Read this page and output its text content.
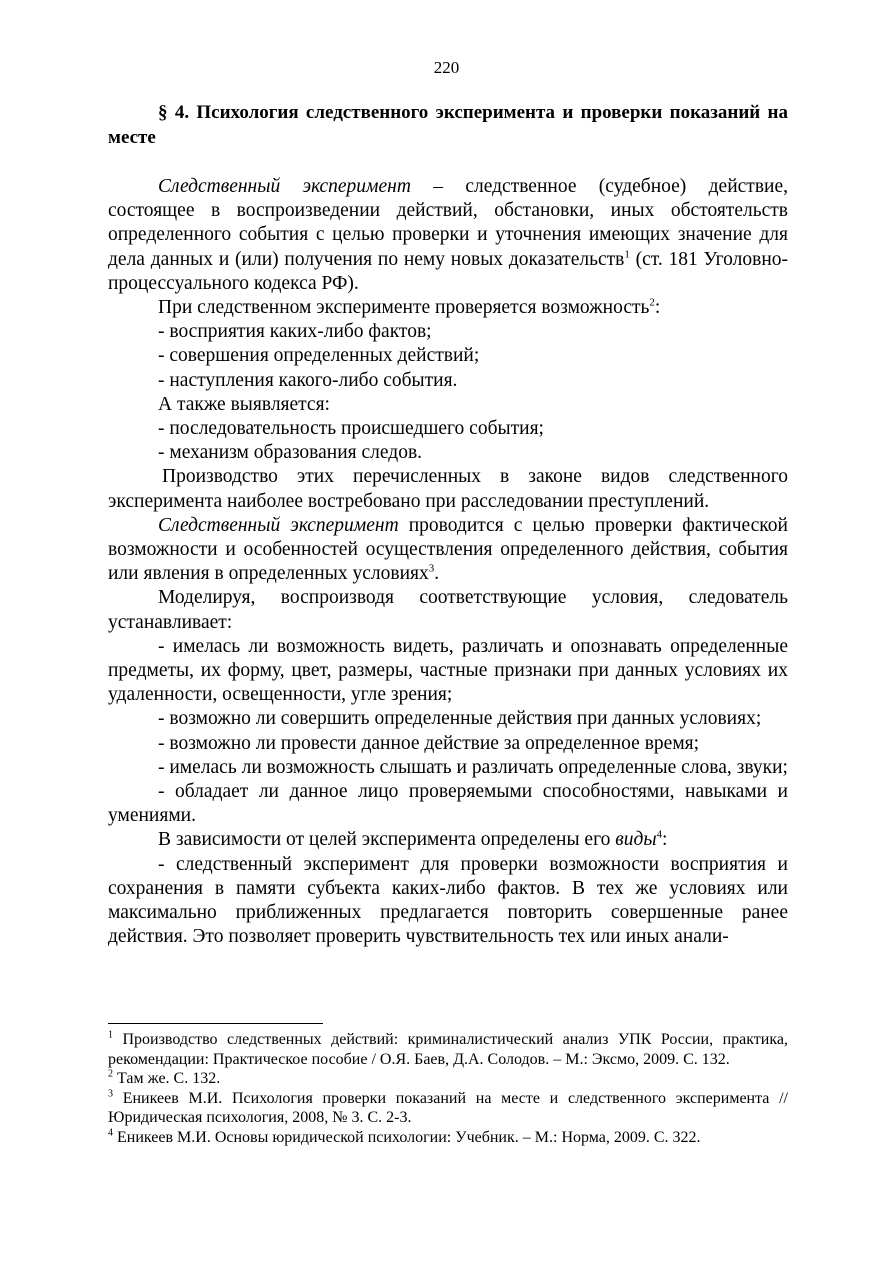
220
§ 4. Психология следственного эксперимента и проверки показаний на месте

Следственный эксперимент – следственное (судебное) действие, состоящее в воспроизведении действий, обстановки, иных обстоятельств определенного события с целью проверки и уточнения имеющих значение для дела данных и (или) получения по нему новых доказательств$^1$ (ст. 181 Уголовно-процессуального кодекса РФ).

При следственном эксперименте проверяется возможность$^2$:

- восприятия каких-либо фактов;

- совершения определенных действий;

- наступления какого-либо события.

А также выявляется:

- последовательность происшедшего события;

- механизм образования следов.

Производство этих перечисленных в законе видов следственного эксперимента наиболее востребовано при расследовании преступлений.

Следственный эксперимент проводится с целью проверки фактической возможности и особенностей осуществления определенного действия, события или явления в определенных условиях$^3$.

Моделируя, воспроизводя соответствующие условия, следователь устанавливает:

- имелась ли возможность видеть, различать и опознавать определенные предметы, их форму, цвет, размеры, частные признаки при данных условиях их удаленности, освещенности, угле зрения;

- возможно ли совершить определенные действия при данных условиях;

- возможно ли провести данное действие за определенное время;

- имелась ли возможность слышать и различать определенные слова, звуки;

- обладает ли данное лицо проверяемыми способностями, навыками и умениями.

В зависимости от целей эксперимента определены его виды$^4$:

- следственный эксперимент для проверки возможности восприятия и сохранения в памяти субъекта каких-либо фактов. В тех же условиях или максимально приближенных предлагается повторить совершенные ранее действия. Это позволяет проверить чувствительность тех или иных анали-

$^1$ Производство следственных действий: криминалистический анализ УПК России, практика, рекомендации: Практическое пособие / О.Я. Баев, Д.А. Солодов. – М.: Эксмо, 2009. С. 132.

$^2$ Там же. С. 132.

$^3$ Еникеев М.И. Психология проверки показаний на месте и следственного эксперимента // Юридическая психология, 2008, № 3. С. 2-3.

$^4$ Еникеев М.И. Основы юридической психологии: Учебник. – М.: Норма, 2009. С. 322.
